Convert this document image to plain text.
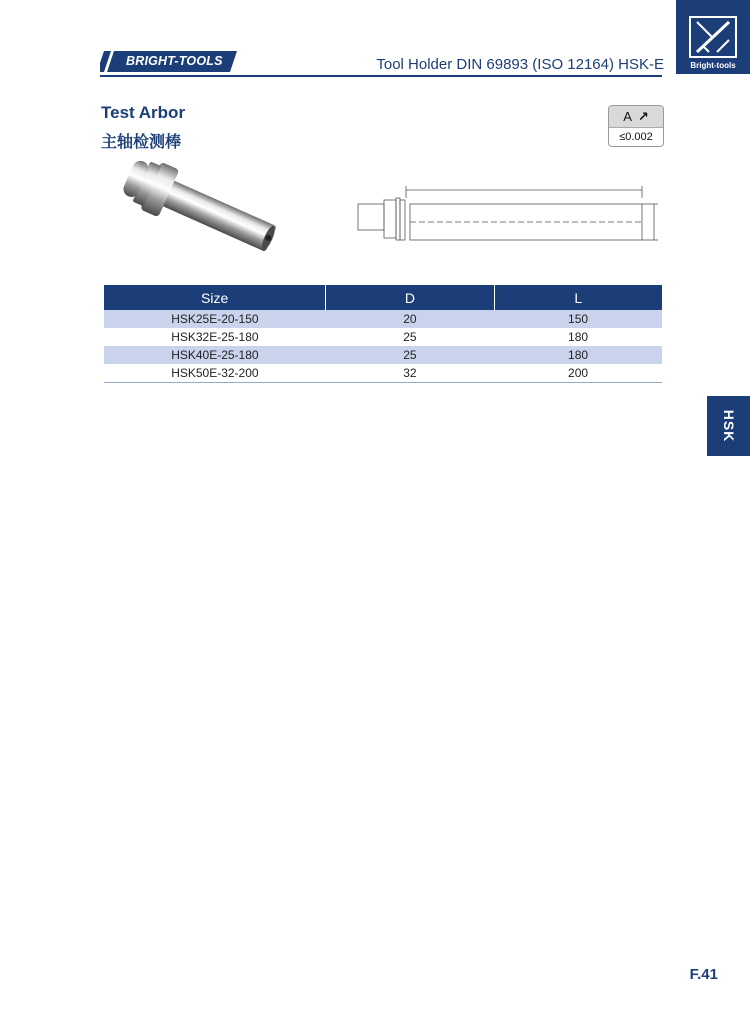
BRIGHT-TOOLS	Tool Holder DIN 69893 (ISO 12164) HSK-E	Bright-tools
Test Arbor
主轴检测棒
A ↗
≤0.002
Size	D	L
HSK25E-20-150	20	150
HSK32E-25-180	25	180
HSK40E-25-180	25	180
HSK50E-32-200	32	200
HSK
F.41
